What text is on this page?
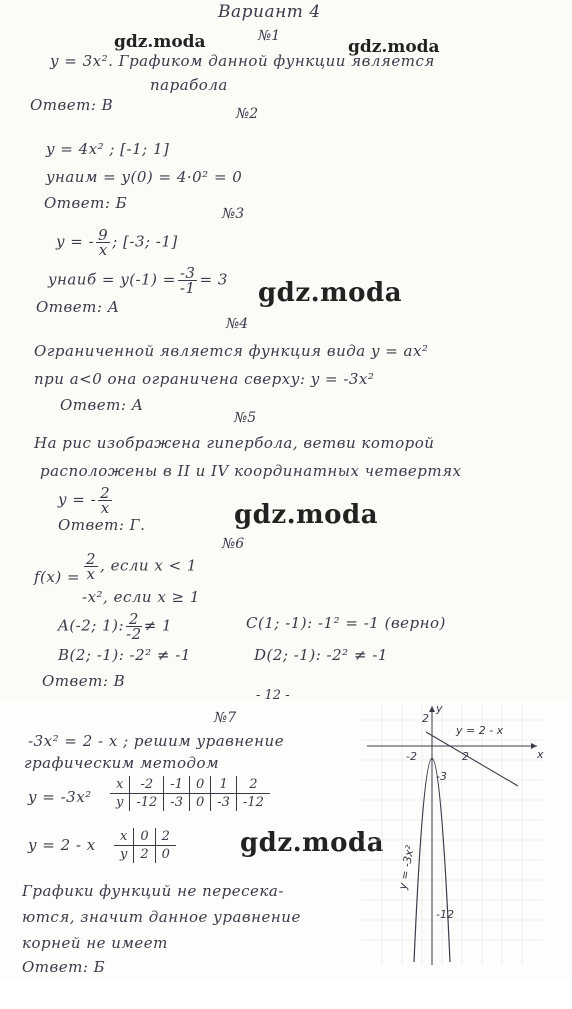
Вариант 4
gdz.moda	gdz.moda
gdz.moda
gdz.moda
gdz.moda
№1
y = 3x². Графиком данной функции является
парабола
Ответ: В	№2
y = 4x² ; [-1; 1]
yнаим = y(0) = 4·0² = 0
Ответ: Б
№3
y = - $\frac{9}{x}$ ; [-3; -1]
yнаиб = $y(-1) = \frac{-3}{-1} = 3$
Ответ: А
№4
Ограниченной является функция вида y = ax²
при a<0 она ограничена сверху: y = -3x²
Ответ: А
№5
На рис изображена гипербола, ветви которой
расположены в II и IV координатных четвертях
y = - $\frac{2}{x}$
Ответ: Г.
№6
$f(x) = \frac{2}{x}$ , если x < 1
-x², если x ≥ 1
A(-2; 1): $\frac{2}{-2} \ne 1$	C(1; -1): -1² = -1 (верно)
B(2; -1): -2² ≠ -1	D(2; -1): -2² ≠ -1
Ответ: В
- 12 -
№7
-3x² = 2 - x ; решим уравнение
графическим методом
y = -3x²
x	-2	-1	0	1	2
y	-12	-3	0	-3	-12
y = 2 - x x	0	2
y	2	0
Графики функций не пересека-
ются, значит данное уравнение
корней не имеет
Ответ: Б
x
y
y = 2 - x
2
-2	2
-3
-12
y = -3x²
